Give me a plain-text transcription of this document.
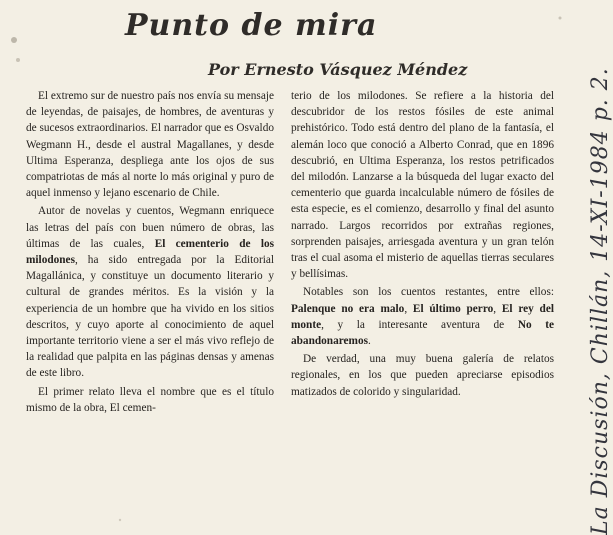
Punto de mira
Por Ernesto Vásquez Méndez

El extremo sur de nuestro país nos envía su mensaje de leyendas, de paisajes, de hombres, de aventuras y de sucesos extraordinarios. El narrador que es Osvaldo Wegmann H., desde el austral Magallanes, y desde Ultima Esperanza, despliega ante los ojos de sus compatriotas de más al norte lo más original y puro de aquel inmenso y lejano escenario de Chile.

Autor de novelas y cuentos, Wegmann enriquece las letras del país con buen número de obras, las últimas de las cuales, El cementerio de los milodones, ha sido entregada por la Editorial Magallánica, y constituye un documento literario y cultural de grandes méritos. Es la visión y la experiencia de un hombre que ha vivido en los sitios descritos, y cuyo aporte al conocimiento de aquel importante territorio viene a ser el más vivo reflejo de la realidad que palpita en las páginas densas y amenas de este libro.

El primer relato lleva el nombre que es el título mismo de la obra, El cemen-

terio de los milodones. Se refiere a la historia del descubridor de los restos fósiles de este animal prehistórico. Todo está dentro del plano de la fantasía, el alemán loco que conoció a Alberto Conrad, que en 1896 descubrió, en Ultima Esperanza, los restos petrificados del milodón. Lanzarse a la búsqueda del lugar exacto del cementerio que guarda incalculable número de fósiles de esta especie, es el comienzo, desarrollo y final del asunto narrado. Largos recorridos por extrañas regiones, sorprenden paisajes, arriesgada aventura y un gran telón tras el cual asoma el misterio de aquellas tierras seculares y bellísimas.

Notables son los cuentos restantes, entre ellos: Palenque no era malo, El último perro, El rey del monte, y la interesante aventura de No te abandonaremos.

De verdad, una muy buena galería de relatos regionales, en los que pueden apreciarse episodios matizados de colorido y singularidad.	La Discusión, Chillán, 14-XI-1984 p. 2.
